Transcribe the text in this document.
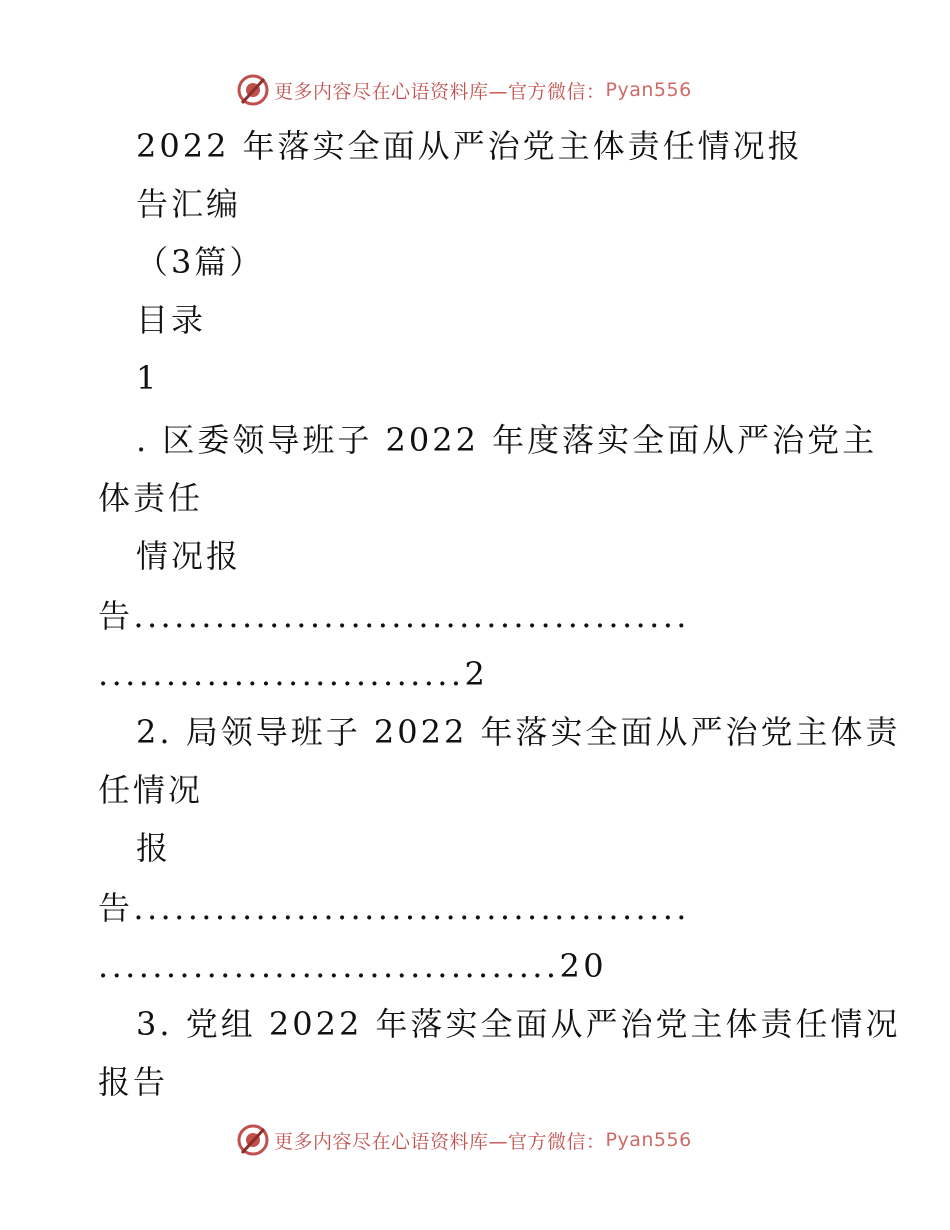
更多内容尽在心语资料库—官方微信： Pyan556
2022 年落实全面从严治党主体责任情况报
告汇编
（3篇）
目录
1
. 区委领导班子 2022 年度落实全面从严治党主
体责任
情况报
告.........................................
...........................2
2. 局领导班子 2022 年落实全面从严治党主体责
任情况
报
告.........................................
..................................20
3. 党组 2022 年落实全面从严治党主体责任情况
报告
更多内容尽在心语资料库—官方微信： Pyan556
